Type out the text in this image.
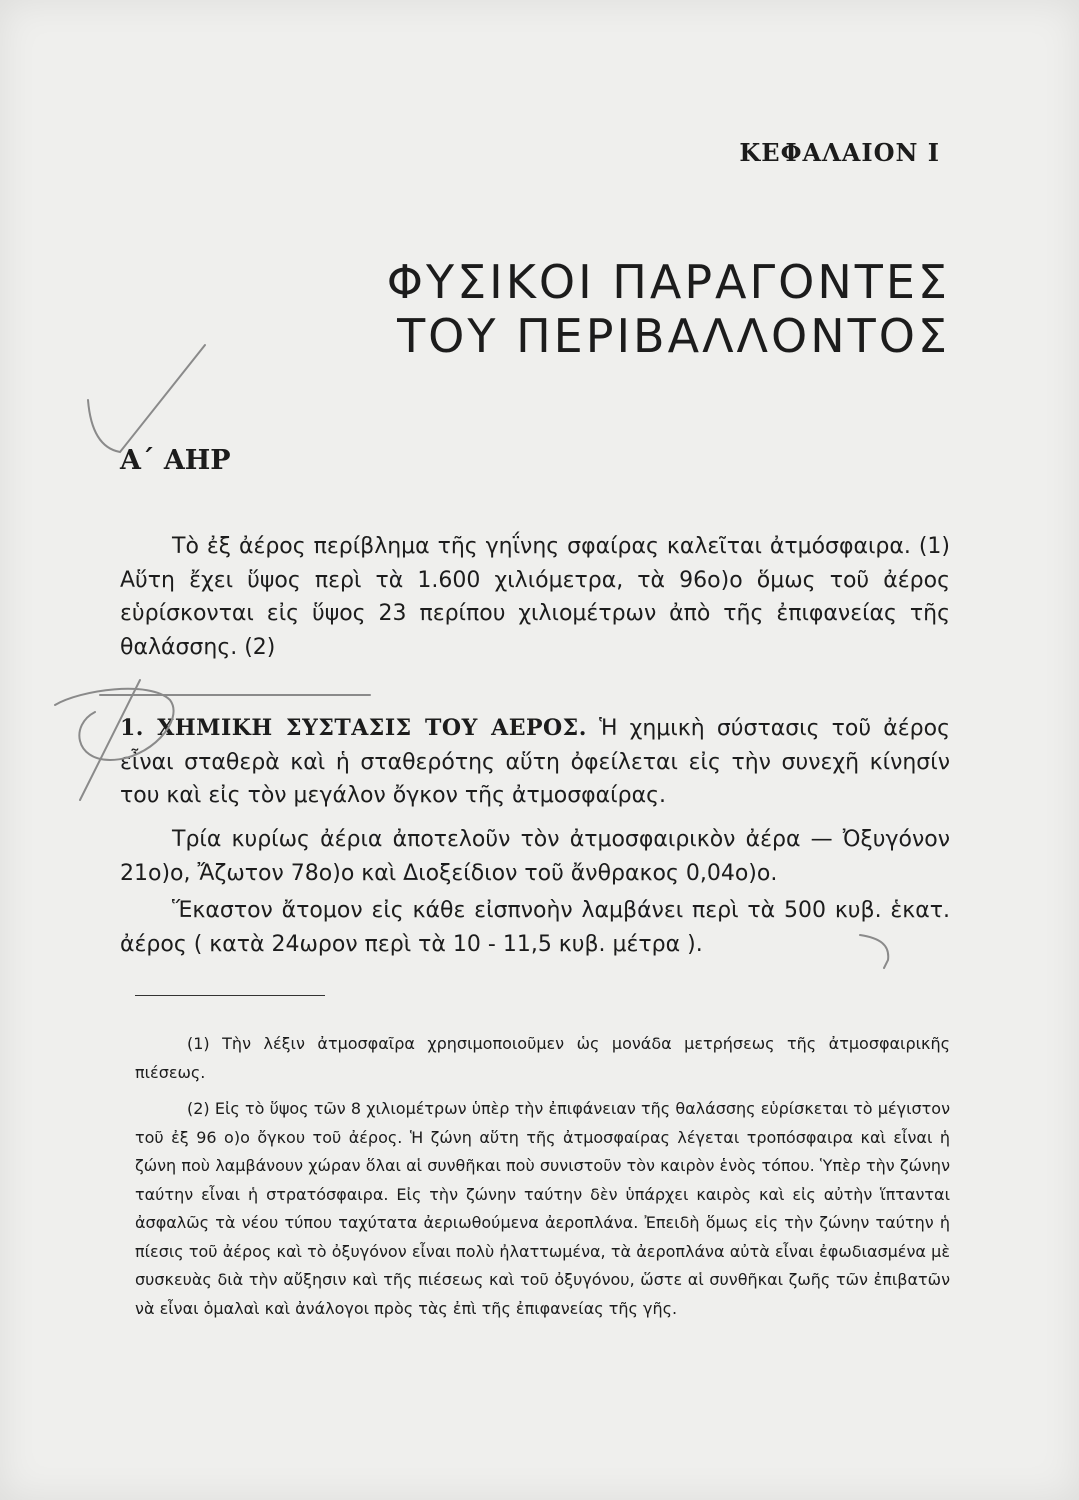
ΚΕΦΑΛΑΙΟΝ Ι
ΦΥΣΙΚΟΙ ΠΑΡΑΓΟΝΤΕΣ
ΤΟΥ ΠΕΡΙΒΑΛΛΟΝΤΟΣ
Α΄ ΑΗΡ
Τὸ ἐξ ἀέρος περίβλημα τῆς γηΐνης σφαίρας καλεῖται ἀτμόσφαιρα. (1) Αὕτη ἔχει ὕψος περὶ τὰ 1.600 χιλιόμετρα, τὰ 96ο)ο ὅμως τοῦ ἀέρος εὑρίσκονται εἰς ὕψος 23 περίπου χιλιομέτρων ἀπὸ τῆς ἐπιφανείας τῆς θαλάσσης. (2)
1. ΧΗΜΙΚΗ ΣΥΣΤΑΣΙΣ ΤΟΥ ΑΕΡΟΣ. Ἡ χημικὴ σύστασις τοῦ ἀέρος εἶναι σταθερὰ καὶ ἡ σταθερότης αὕτη ὀφείλεται εἰς τὴν συνεχῆ κίνησίν του καὶ εἰς τὸν μεγάλον ὄγκον τῆς ἀτμοσφαίρας.
Τρία κυρίως ἀέρια ἀποτελοῦν τὸν ἀτμοσφαιρικὸν ἀέρα — Ὀξυγόνον 21ο)ο, Ἄζωτον 78ο)ο καὶ Διοξείδιον τοῦ ἄνθρακος 0,04ο)ο.
Ἕκαστον ἄτομον εἰς κάθε εἰσπνοὴν λαμβάνει περὶ τὰ 500 κυβ. ἑκατ. ἀέρος ( κατὰ 24ωρον περὶ τὰ 10 - 11,5 κυβ. μέτρα ).
(1) Τὴν λέξιν ἀτμοσφαῖρα χρησιμοποιοῦμεν ὡς μονάδα μετρήσεως τῆς ἀτμοσφαιρικῆς πιέσεως.
(2) Εἰς τὸ ὕψος τῶν 8 χιλιομέτρων ὑπὲρ τὴν ἐπιφάνειαν τῆς θαλάσσης εὑρίσκεται τὸ μέγιστον τοῦ ἐξ 96 ο)ο ὄγκου τοῦ ἀέρος. Ἡ ζώνη αὕτη τῆς ἀτμοσφαίρας λέγεται τροπόσφαιρα καὶ εἶναι ἡ ζώνη ποὺ λαμβάνουν χώραν ὅλαι αἱ συνθῆκαι ποὺ συνιστοῦν τὸν καιρὸν ἑνὸς τόπου. Ὑπὲρ τὴν ζώνην ταύτην εἶναι ἡ στρατόσφαιρα. Εἰς τὴν ζώνην ταύτην δὲν ὑπάρχει καιρὸς καὶ εἰς αὐτὴν ἵπτανται ἀσφαλῶς τὰ νέου τύπου ταχύτατα ἀεριωθούμενα ἀεροπλάνα. Ἐπειδὴ ὅμως εἰς τὴν ζώνην ταύτην ἡ πίεσις τοῦ ἀέρος καὶ τὸ ὀξυγόνον εἶναι πολὺ ἠλαττωμένα, τὰ ἀεροπλάνα αὐτὰ εἶναι ἐφωδιασμένα μὲ συσκευὰς διὰ τὴν αὔξησιν καὶ τῆς πιέσεως καὶ τοῦ ὀξυγόνου, ὥστε αἱ συνθῆκαι ζωῆς τῶν ἐπιβατῶν νὰ εἶναι ὁμαλαὶ καὶ ἀνάλογοι πρὸς τὰς ἐπὶ τῆς ἐπιφανείας τῆς γῆς.
